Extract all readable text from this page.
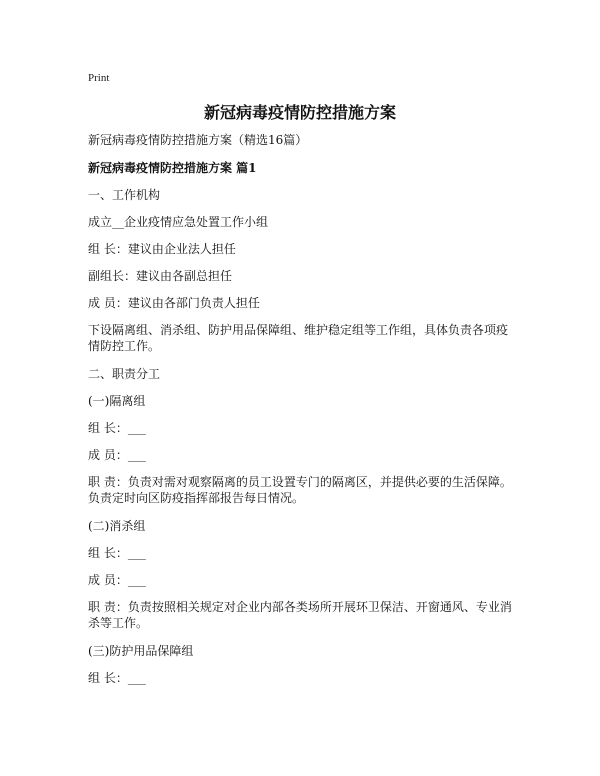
Print
新冠病毒疫情防控措施方案

新冠病毒疫情防控措施方案（精选16篇）

新冠病毒疫情防控措施方案 篇1

一、工作机构

成立__企业疫情应急处置工作小组

组 长：建议由企业法人担任

副组长：建议由各副总担任

成 员：建议由各部门负责人担任

下设隔离组、消杀组、防护用品保障组、维护稳定组等工作组，具体负责各项疫情防控工作。

二、职责分工

(一)隔离组

组 长：___

成 员：___

职 责：负责对需对观察隔离的员工设置专门的隔离区，并提供必要的生活保障。负责定时向区防疫指挥部报告每日情况。

(二)消杀组

组 长：___

成 员：___

职 责：负责按照相关规定对企业内部各类场所开展环卫保洁、开窗通风、专业消杀等工作。

(三)防护用品保障组

组 长：___
